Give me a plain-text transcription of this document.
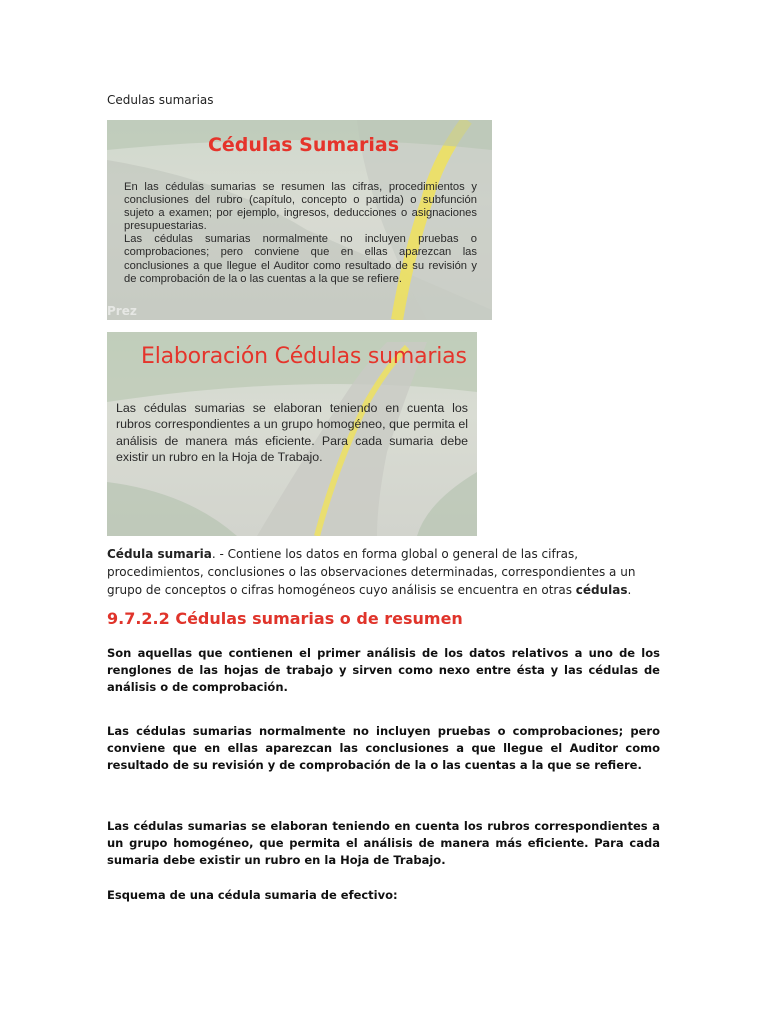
Cedulas sumarias
Cédulas Sumarias

En las cédulas sumarias se resumen las cifras, procedimientos y conclusiones del rubro (capítulo, concepto o partida) o subfunción sujeto a examen; por ejemplo, ingresos, deducciones o asignaciones presupuestarias.

Las cédulas sumarias normalmente no incluyen pruebas o comprobaciones; pero conviene que en ellas aparezcan las conclusiones a que llegue el Auditor como resultado de su revisión y de comprobación de la o las cuentas a la que se refiere.

Prez
Elaboración Cédulas sumarias

Las cédulas sumarias se elaboran teniendo en cuenta los rubros correspondientes a un grupo homogéneo, que permita el análisis de manera más eficiente. Para cada sumaria debe existir un rubro en la Hoja de Trabajo.

Cédula sumaria. - Contiene los datos en forma global o general de las cifras, procedimientos, conclusiones o las observaciones determinadas, correspondientes a un grupo de conceptos o cifras homogéneos cuyo análisis se encuentra en otras cédulas.
9.7.2.2 Cédulas sumarias o de resumen
Son aquellas que contienen el primer análisis de los datos relativos a uno de los renglones de las hojas de trabajo y sirven como nexo entre ésta y las cédulas de análisis o de comprobación.
Las cédulas sumarias normalmente no incluyen pruebas o comprobaciones; pero conviene que en ellas aparezcan las conclusiones a que llegue el Auditor como resultado de su revisión y de comprobación de la o las cuentas a la que se refiere.
Las cédulas sumarias se elaboran teniendo en cuenta los rubros correspondientes a un grupo homogéneo, que permita el análisis de manera más eficiente. Para cada sumaria debe existir un rubro en la Hoja de Trabajo.
Esquema de una cédula sumaria de efectivo:
